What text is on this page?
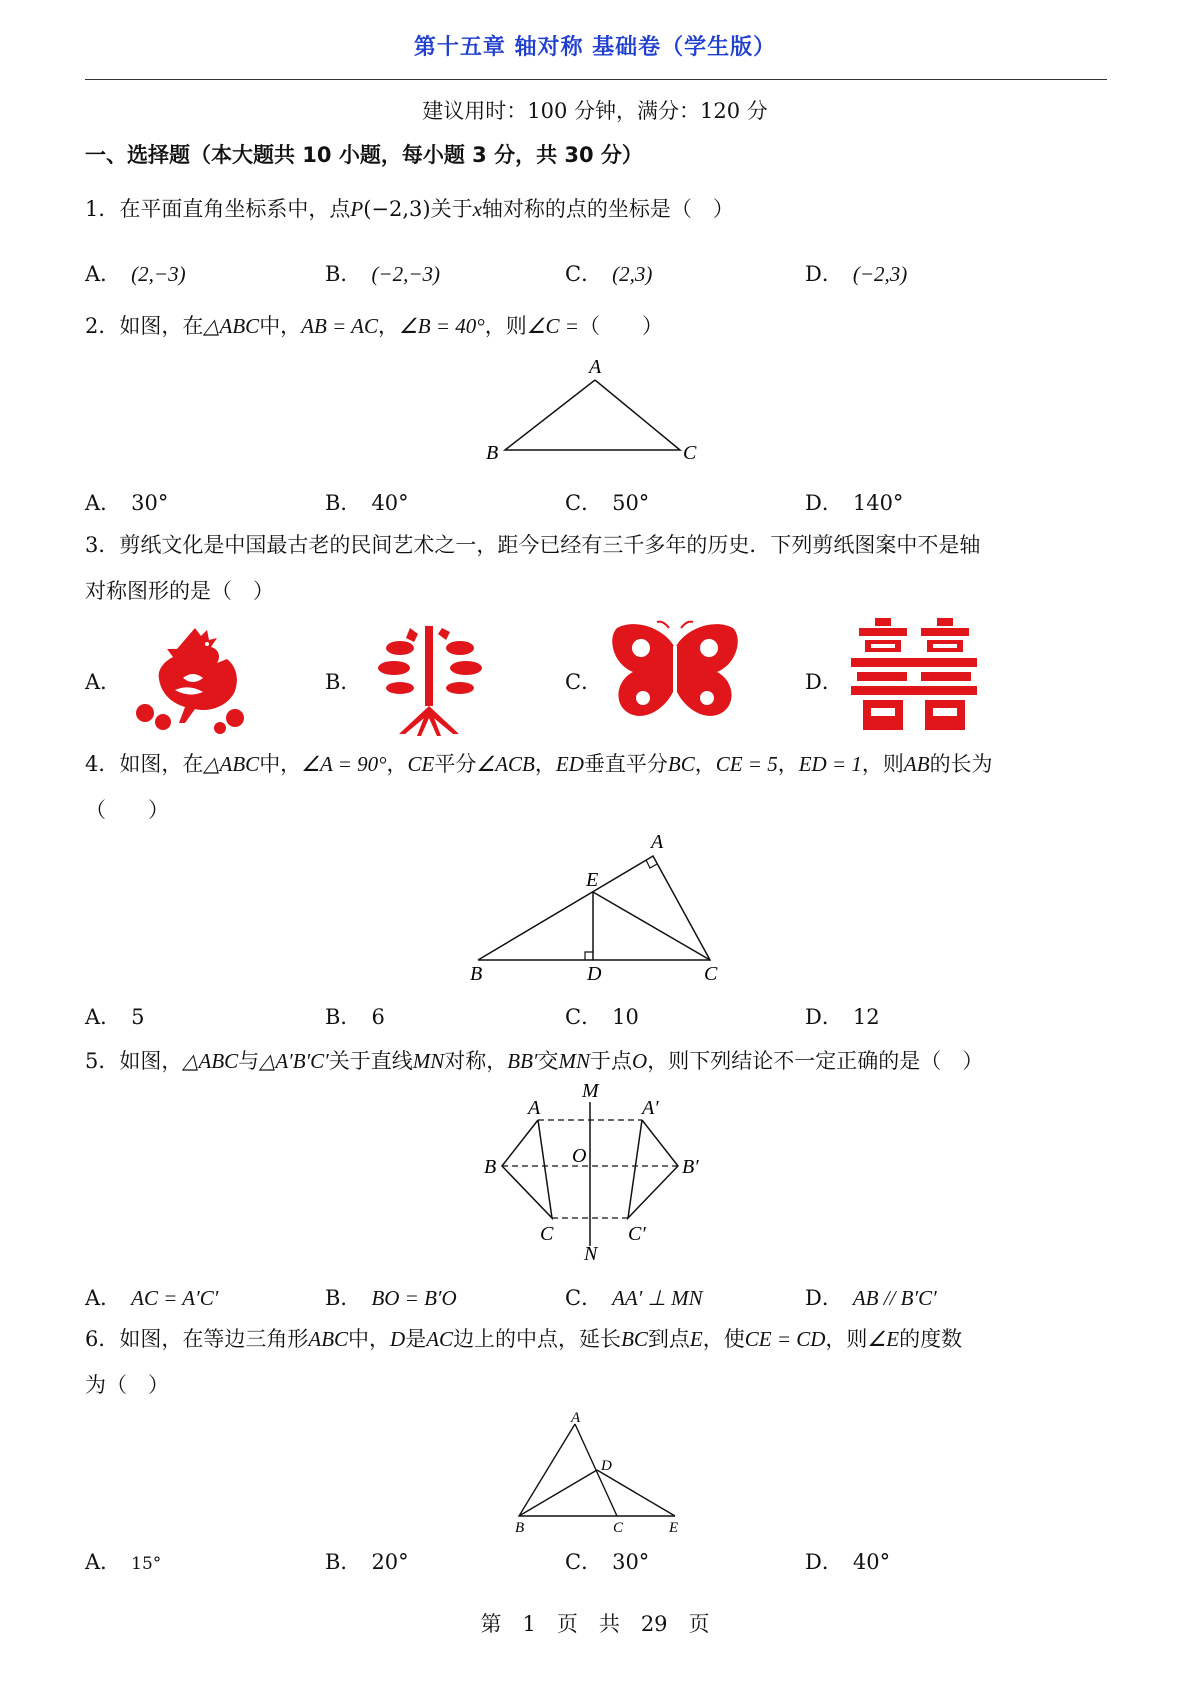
第十五章 轴对称 基础卷（学生版）
建议用时：100 分钟，满分：120 分
一、选择题（本大题共 10 小题，每小题 3 分，共 30 分）
1．在平面直角坐标系中，点P(−2,3)关于x轴对称的点的坐标是（　）
A． (2,−3)	B． (−2,−3)	C． (2,3)	D． (−2,3)
2．如图，在△ABC中，AB = AC，∠B = 40°，则∠C =（　　）
A
B	C
A． 30°	B． 40°	C． 50°	D． 140°
3．剪纸文化是中国最古老的民间艺术之一，距今已经有三千多年的历史．下列剪纸图案中不是轴
对称图形的是（　）
A．	B．	C．	D．
4．如图，在△ABC中，∠A = 90°，CE平分∠ACB，ED垂直平分BC，CE = 5，ED = 1，则AB的长为
（　　）
A
E
B	D	C
A． 5	B． 6	C． 10	D． 12
5．如图，△ABC与△A′B′C′关于直线MN对称，BB′交MN于点O，则下列结论不一定正确的是（　）
M
N
O
A
B
C
A′
B′
C′
A． AC = A′C′	B． BO = B′O	C． AA′ ⊥ MN	D． AB // B′C′
6．如图，在等边三角形ABC中，D是AC边上的中点，延长BC到点E，使CE = CD，则∠E的度数
为（　）
A
D
B	C	E
A． 15°	B． 20°	C． 30°	D． 40°
第　1　页　共　29　页
